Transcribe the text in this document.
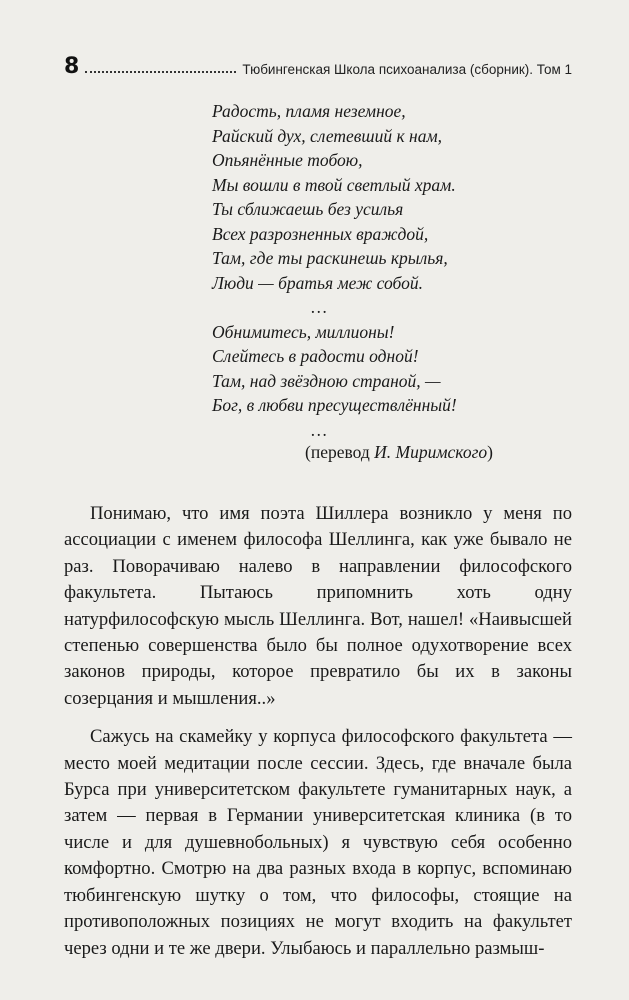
8	Тюбингенская Школа психоанализа (сборник). Том 1
Радость, пламя неземное,
Райский дух, слетевший к нам,
Опьянённые тобою,
Мы вошли в твой светлый храм.
Ты сближаешь без усилья
Всех разрозненных враждой,
Там, где ты раскинешь крылья,
Люди — братья меж собой.
…
Обнимитесь, миллионы!
Слейтесь в радости одной!
Там, над звёздною страной, —
Бог, в любви пресуществлённый!
…
(перевод И. Миримского)

Понимаю, что имя поэта Шиллера возникло у меня по ассоциации с именем философа Шеллинга, как уже бывало не раз. Поворачиваю налево в направлении философского факультета. Пытаюсь припомнить хоть одну натурфилософскую мысль Шеллинга. Вот, нашел! «Наивысшей степенью совершенства было бы полное одухотворение всех законов природы, которое превратило бы их в законы созерцания и мышления..»

Сажусь на скамейку у корпуса философского факультета — место моей медитации после сессии. Здесь, где вначале была Бурса при университетском факультете гуманитарных наук, а затем — первая в Германии университетская клиника (в то числе и для душевнобольных) я чувствую себя особенно комфортно. Смотрю на два разных входа в корпус, вспоминаю тюбингенскую шутку о том, что философы, стоящие на противоположных позициях не могут входить на факультет через одни и те же двери. Улыбаюсь и параллельно размыш-
